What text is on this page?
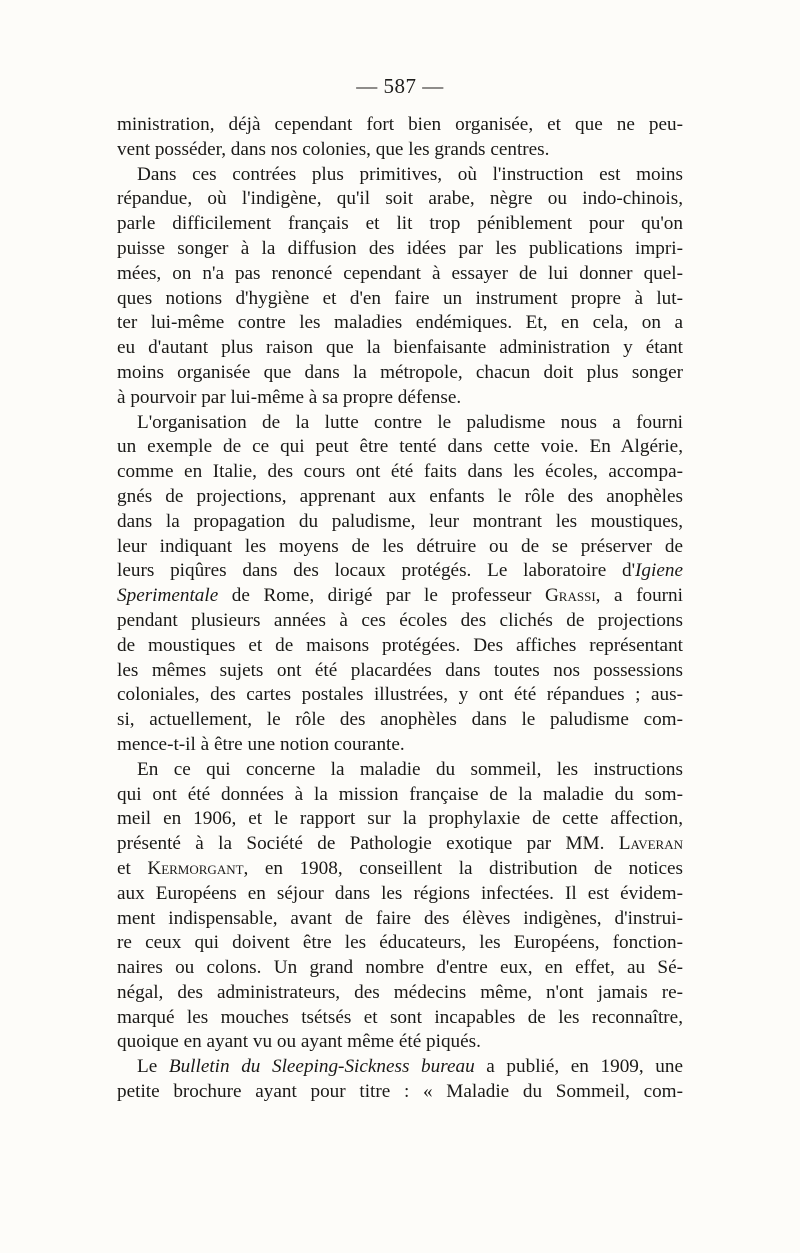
— 587 —
ministration, déjà cependant fort bien organisée, et que ne peu-
vent posséder, dans nos colonies, que les grands centres.
Dans ces contrées plus primitives, où l'instruction est moins
répandue, où l'indigène, qu'il soit arabe, nègre ou indo-chinois,
parle difficilement français et lit trop péniblement pour qu'on
puisse songer à la diffusion des idées par les publications impri-
mées, on n'a pas renoncé cependant à essayer de lui donner quel-
ques notions d'hygiène et d'en faire un instrument propre à lut-
ter lui-même contre les maladies endémiques. Et, en cela, on a
eu d'autant plus raison que la bienfaisante administration y étant
moins organisée que dans la métropole, chacun doit plus songer
à pourvoir par lui-même à sa propre défense.
L'organisation de la lutte contre le paludisme nous a fourni
un exemple de ce qui peut être tenté dans cette voie. En Algérie,
comme en Italie, des cours ont été faits dans les écoles, accompa-
gnés de projections, apprenant aux enfants le rôle des anophèles
dans la propagation du paludisme, leur montrant les moustiques,
leur indiquant les moyens de les détruire ou de se préserver de
leurs piqûres dans des locaux protégés. Le laboratoire d'Igiene
Sperimentale de Rome, dirigé par le professeur Grassi, a fourni
pendant plusieurs années à ces écoles des clichés de projections
de moustiques et de maisons protégées. Des affiches représentant
les mêmes sujets ont été placardées dans toutes nos possessions
coloniales, des cartes postales illustrées, y ont été répandues ; aus-
si, actuellement, le rôle des anophèles dans le paludisme com-
mence-t-il à être une notion courante.
En ce qui concerne la maladie du sommeil, les instructions
qui ont été données à la mission française de la maladie du som-
meil en 1906, et le rapport sur la prophylaxie de cette affection,
présenté à la Société de Pathologie exotique par MM. Laveran
et Kermorgant, en 1908, conseillent la distribution de notices
aux Européens en séjour dans les régions infectées. Il est évidem-
ment indispensable, avant de faire des élèves indigènes, d'instrui-
re ceux qui doivent être les éducateurs, les Européens, fonction-
naires ou colons. Un grand nombre d'entre eux, en effet, au Sé-
négal, des administrateurs, des médecins même, n'ont jamais re-
marqué les mouches tsétsés et sont incapables de les reconnaître,
quoique en ayant vu ou ayant même été piqués.
Le Bulletin du Sleeping-Sickness bureau a publié, en 1909, une
petite brochure ayant pour titre : « Maladie du Sommeil, com-
